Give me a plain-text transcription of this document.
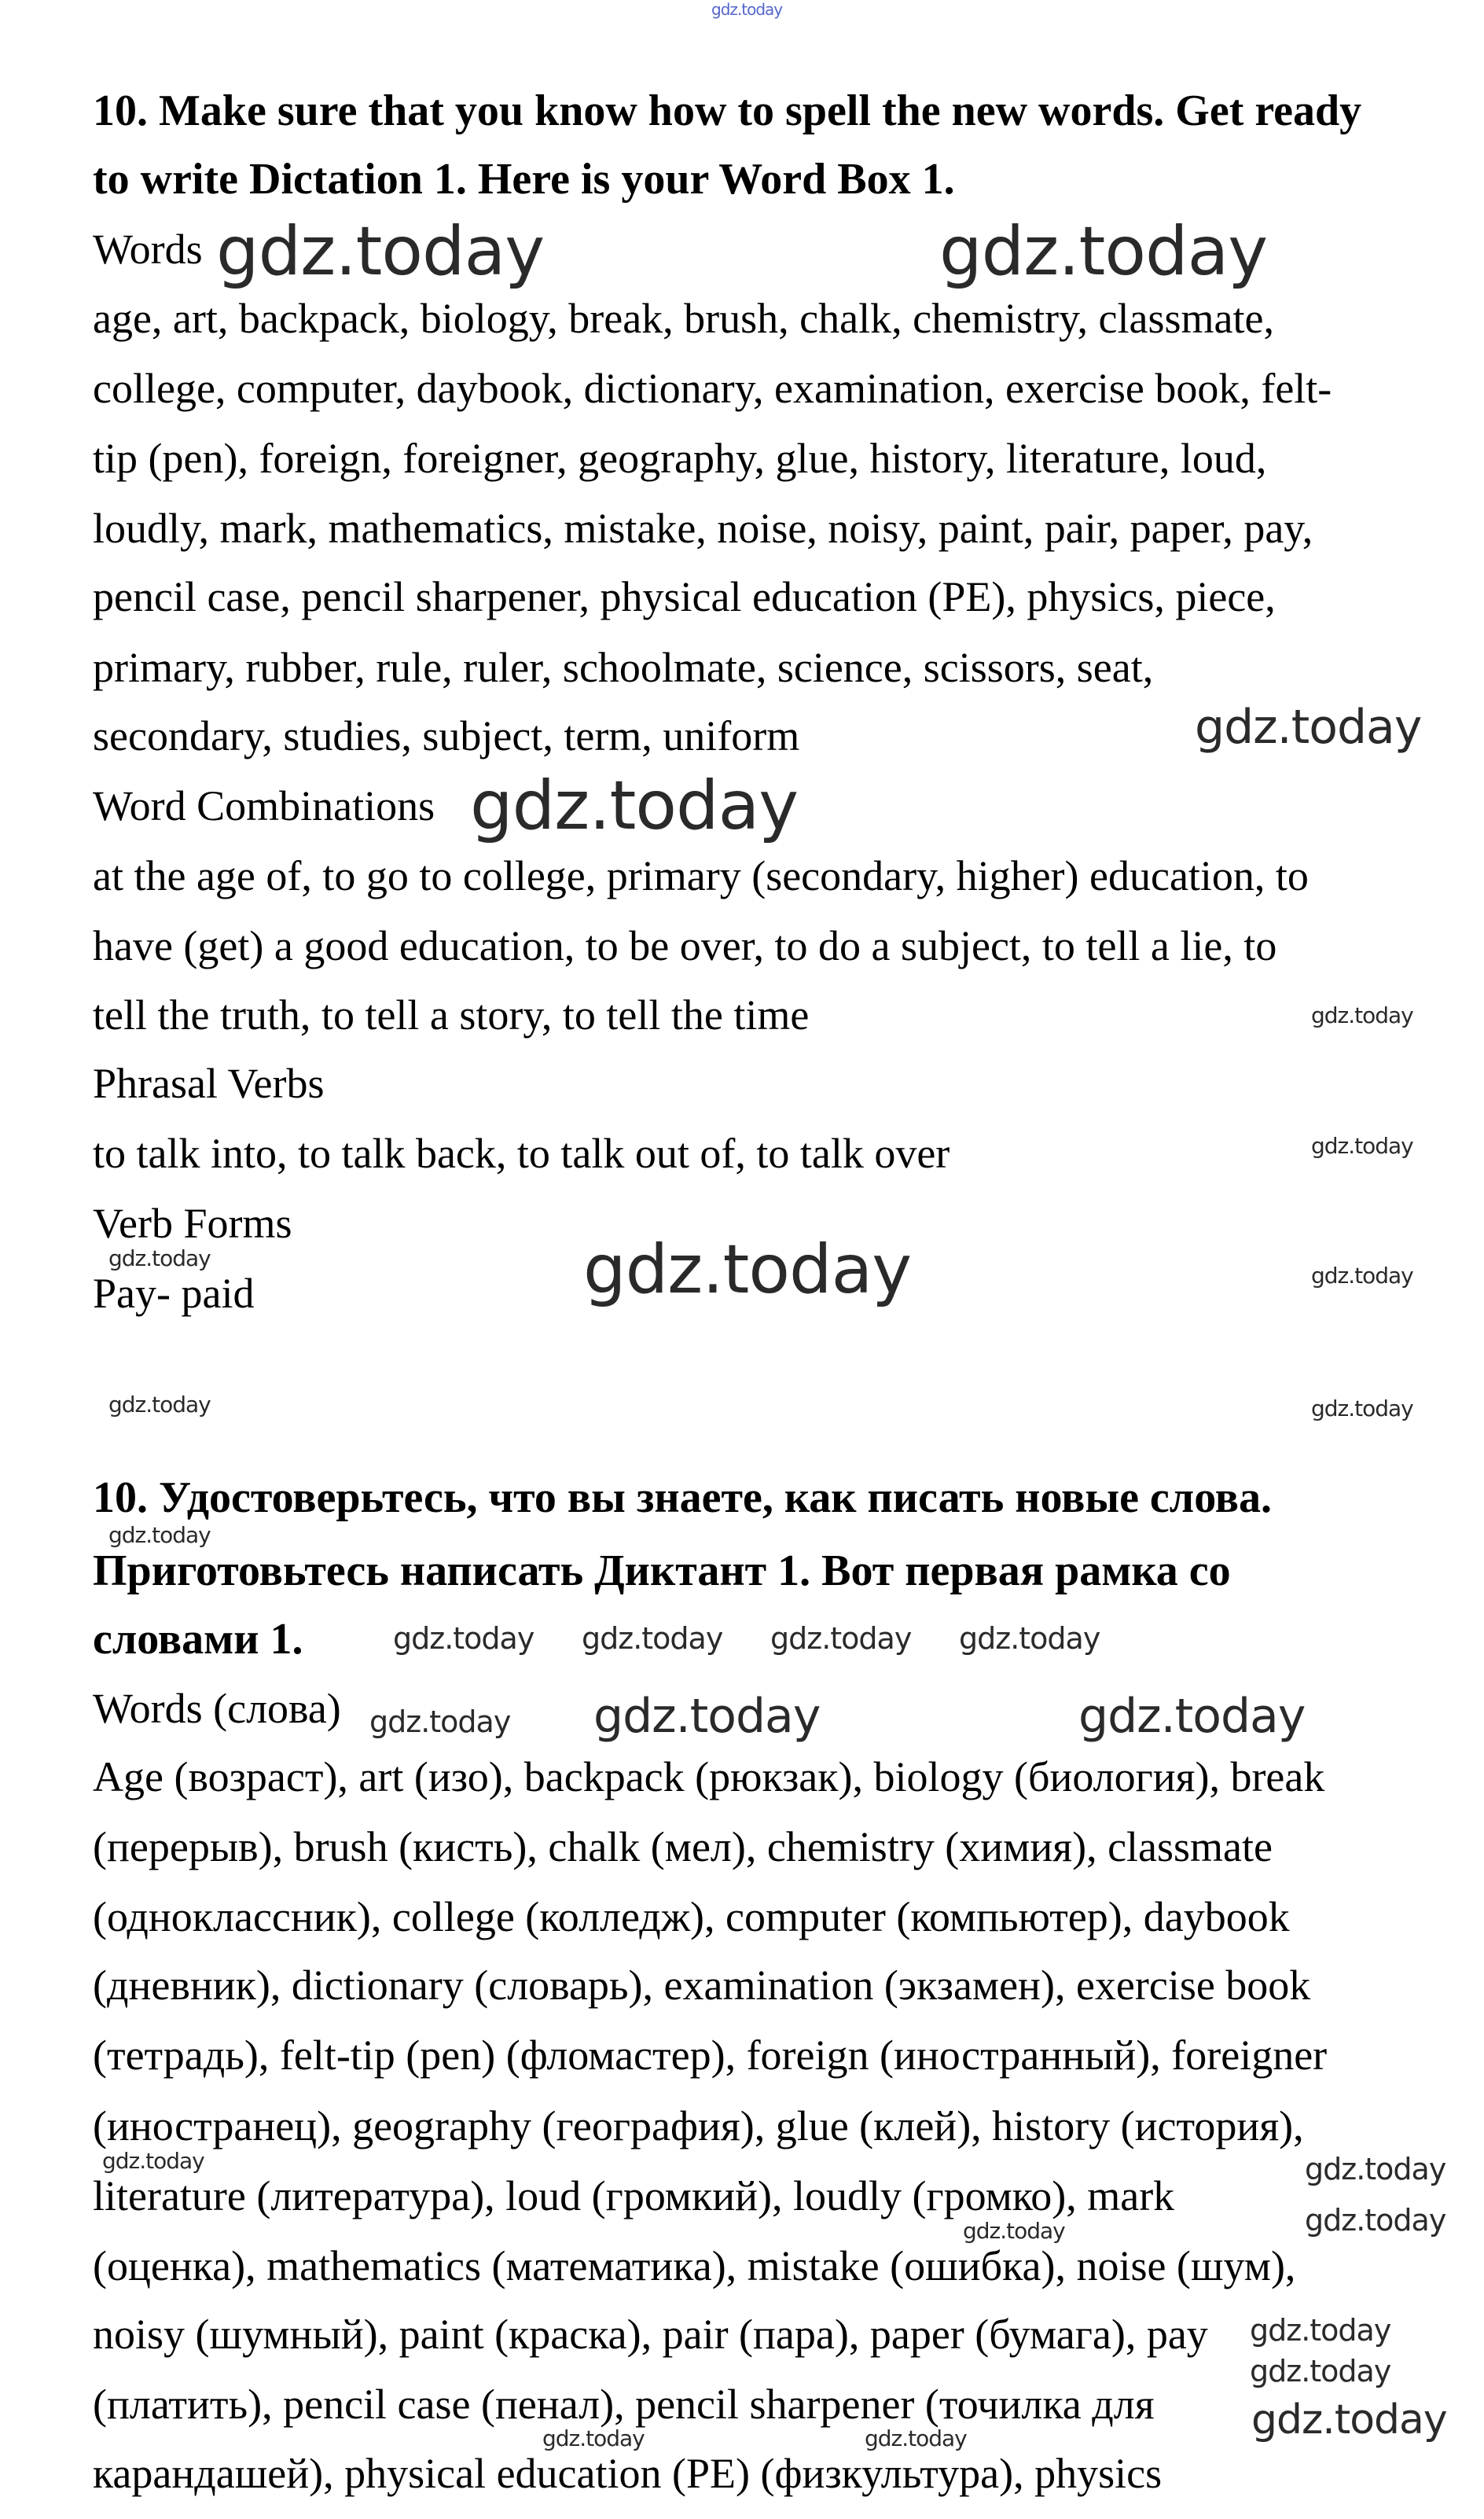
10. Make sure that you know how to spell the new words. Get ready
to write Dictation 1. Here is your Word Box 1.
Words
age, art, backpack, biology, break, brush, chalk, chemistry, classmate,
college, computer, daybook, dictionary, examination, exercise book, felt-
tip (pen), foreign, foreigner, geography, glue, history, literature, loud,
loudly, mark, mathematics, mistake, noise, noisy, paint, pair, paper, pay,
pencil case, pencil sharpener, physical education (PE), physics, piece,
primary, rubber, rule, ruler, schoolmate, science, scissors, seat,
secondary, studies, subject, term, uniform
Word Combinations
at the age of, to go to college, primary (secondary, higher) education, to
have (get) a good education, to be over, to do a subject, to tell a lie, to
tell the truth, to tell a story, to tell the time
Phrasal Verbs
to talk into, to talk back, to talk out of, to talk over
Verb Forms
Pay- paid
10. Удостоверьтесь, что вы знаете, как писать новые слова.
Приготовьтесь написать Диктант 1. Вот первая рамка со
словами 1.
Words (слова)
Age (возраст), art (изо), backpack (рюкзак), biology (биология), break
(перерыв), brush (кисть), chalk (мел), chemistry (химия), classmate
(одноклассник), college (колледж), computer (компьютер), daybook
(дневник), dictionary (словарь), examination (экзамен), exercise book
(тетрадь), felt-tip (pen) (фломастер), foreign (иностранный), foreigner
(иностранец), geography (география), glue (клей), history (история),
literature (литература), loud (громкий), loudly (громко), mark
(оценка), mathematics (математика), mistake (ошибка), noise (шум),
noisy (шумный), paint (краска), pair (пара), paper (бумага), pay
(платить), pencil case (пенал), pencil sharpener (точилка для
карандашей), physical education (PE) (физкультура), physics
gdz.today
gdz.today	gdz.today
gdz.today
gdz.today
gdz.today
gdz.today
gdz.today
gdz.today
gdz.today
gdz.today	gdz.today
gdz.today
gdz.today	gdz.today
gdz.today
gdz.today gdz.today gdz.today gdz.today
gdz.today
gdz.today
gdz.today
gdz.today
gdz.today
gdz.today
gdz.today	gdz.today	gdz.today
